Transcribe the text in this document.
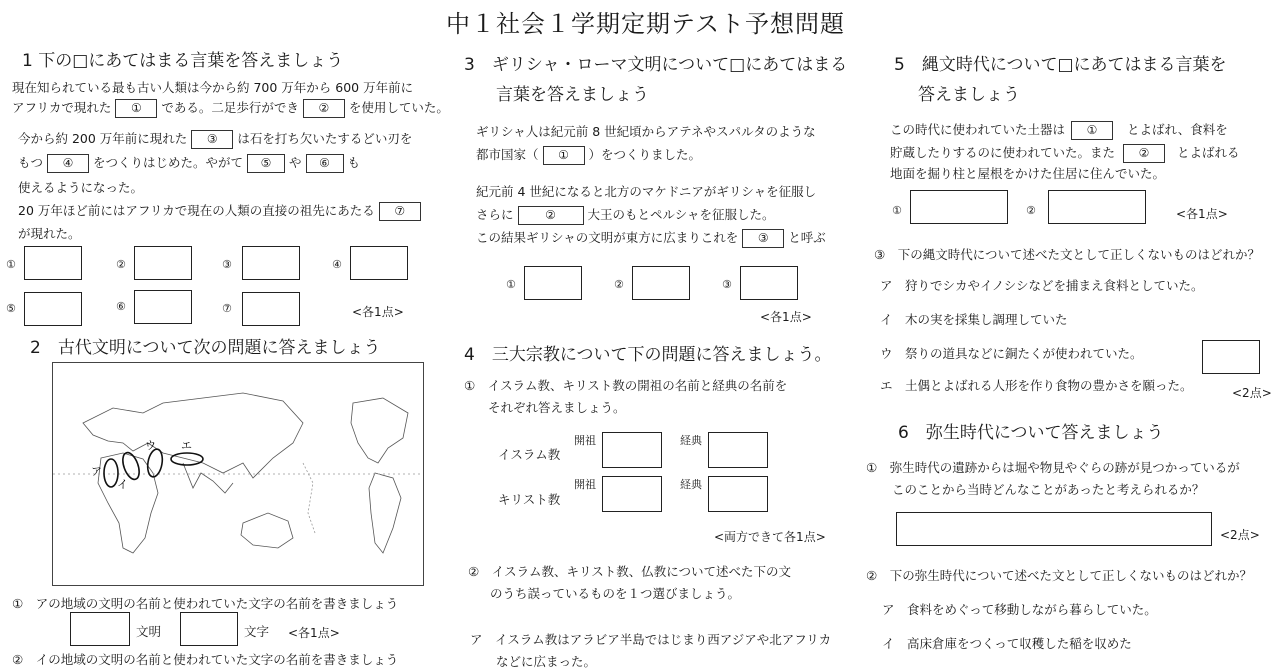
中１社会１学期定期テスト予想問題
1 下の□にあてはまる言葉を答えましょう
現在知られている最も古い人類は今から約 700 万年から 600 万年前に
アフリカで現れた ① である。二足歩行ができ ② を使用していた。
今から約 200 万年前に現れた ③ は石を打ち欠いたするどい刃を
もつ ④ をつくりはじめた。やがて ⑤ や ⑥ も
使えるようになった。
20 万年ほど前にはアフリカで現在の人類の直接の祖先にあたる ⑦
が現れた。
①	②	③	④
⑤	⑥	⑦	<各1点>
2　古代文明について次の問題に答えましょう
ア
イ
ウ エ
①　アの地域の文明の名前と使われていた文字の名前を書きましょう
文明	文字 <各1点>
②　イの地域の文明の名前と使われていた文字の名前を書きましょう
3　ギリシャ・ローマ文明について□にあてはまる
言葉を答えましょう
ギリシャ人は紀元前 8 世紀頃からアテネやスパルタのような
都市国家（ ① ）をつくりました。
紀元前 4 世紀になると北方のマケドニアがギリシャを征服し
さらに	②	大王のもとペルシャを征服した。
この結果ギリシャの文明が東方に広まりこれを ③ と呼ぶ
①	②	③
<各1点>
4　三大宗教について下の問題に答えましょう。
①　イスラム教、キリスト教の開祖の名前と経典の名前を
それぞれ答えましょう。
イスラム教
開祖	経典
キリスト教
開祖	経典
<両方できて各1点>
②　イスラム教、キリスト教、仏教について述べた下の文
のうち誤っているものを１つ選びましょう。
ア　イスラム教はアラビア半島ではじまり西アジアや北アフリカ
などに広まった。
5　縄文時代について□にあてはまる言葉を
答えましょう
この時代に使われていた土器は ① とよばれ、食料を
貯蔵したりするのに使われていた。また ② とよばれる
地面を掘り柱と屋根をかけた住居に住んでいた。
①	②	<各1点>
③　下の縄文時代について述べた文として正しくないものはどれか？
ア　狩りでシカやイノシシなどを捕まえ食料としていた。
イ　木の実を採集し調理していた
ウ　祭りの道具などに銅たくが使われていた。
エ　土偶とよばれる人形を作り食物の豊かさを願った。	<2点>
6　弥生時代について答えましょう
①　弥生時代の遺跡からは堀や物見やぐらの跡が見つかっているが
このことから当時どんなことがあったと考えられるか？
<2点>
②　下の弥生時代について述べた文として正しくないものはどれか？
ア　食料をめぐって移動しながら暮らしていた。
イ　高床倉庫をつくって収穫した稲を収めた
